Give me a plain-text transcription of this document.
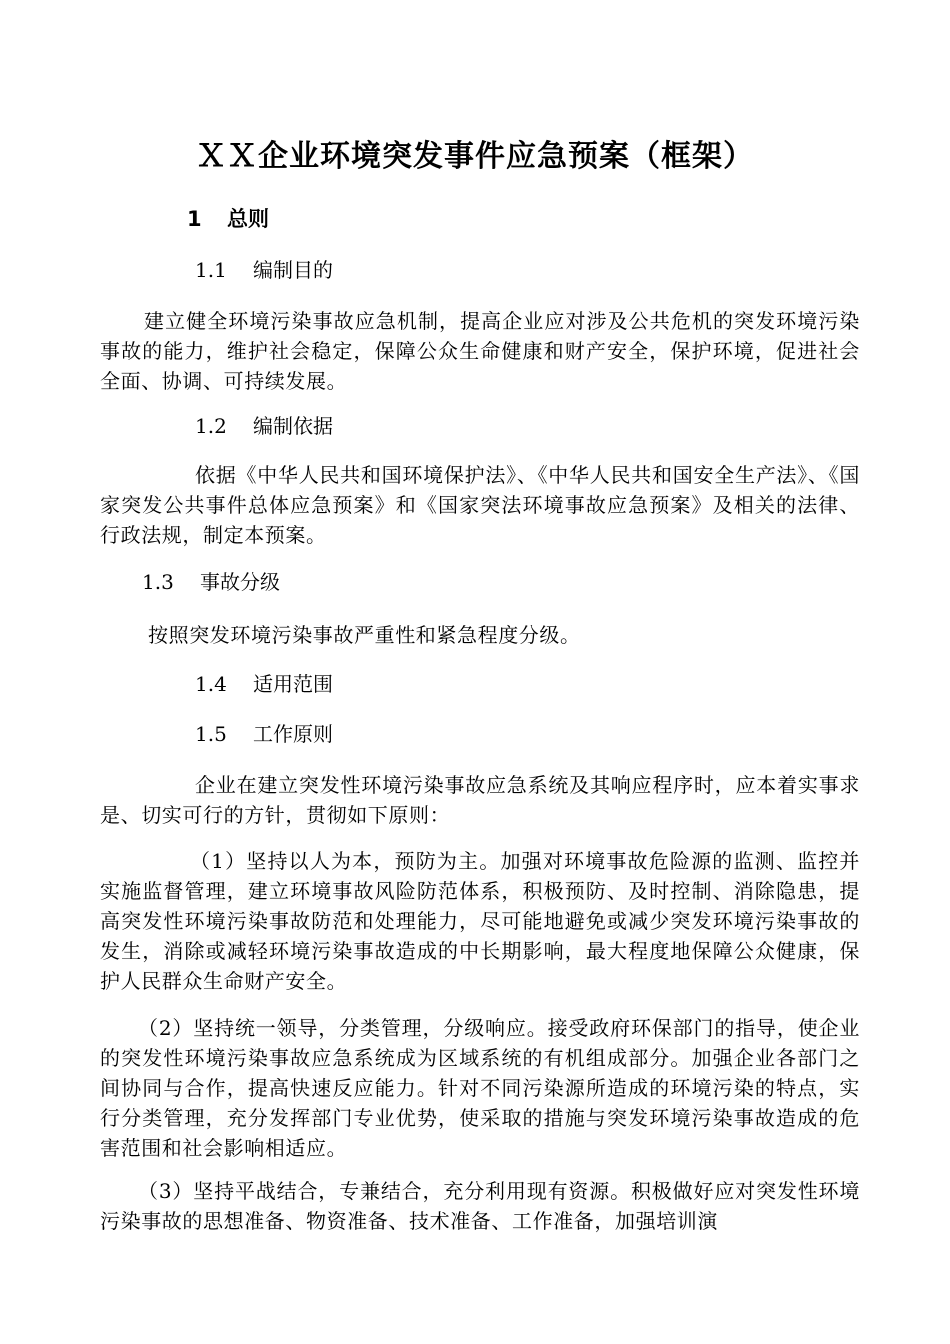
ＸＸ企业环境突发事件应急预案（框架）
1 总则
1.1 编制目的
建立健全环境污染事故应急机制，提高企业应对涉及公共危机的突发环境污染事故的能力，维护社会稳定，保障公众生命健康和财产安全，保护环境，促进社会全面、协调、可持续发展。
1.2 编制依据
依据《中华人民共和国环境保护法》、《中华人民共和国安全生产法》、《国家突发公共事件总体应急预案》和《国家突法环境事故应急预案》及相关的法律、行政法规，制定本预案。
1.3 事故分级
按照突发环境污染事故严重性和紧急程度分级。
1.4 适用范围
1.5 工作原则
企业在建立突发性环境污染事故应急系统及其响应程序时，应本着实事求是、切实可行的方针，贯彻如下原则：
（1）坚持以人为本，预防为主。加强对环境事故危险源的监测、监控并实施监督管理，建立环境事故风险防范体系，积极预防、及时控制、消除隐患，提高突发性环境污染事故防范和处理能力，尽可能地避免或减少突发环境污染事故的发生，消除或减轻环境污染事故造成的中长期影响，最大程度地保障公众健康，保护人民群众生命财产安全。
（2）坚持统一领导，分类管理，分级响应。接受政府环保部门的指导，使企业的突发性环境污染事故应急系统成为区域系统的有机组成部分。加强企业各部门之间协同与合作，提高快速反应能力。针对不同污染源所造成的环境污染的特点，实行分类管理，充分发挥部门专业优势，使采取的措施与突发环境污染事故造成的危害范围和社会影响相适应。
（3）坚持平战结合，专兼结合，充分利用现有资源。积极做好应对突发性环境污染事故的思想准备、物资准备、技术准备、工作准备，加强培训演
